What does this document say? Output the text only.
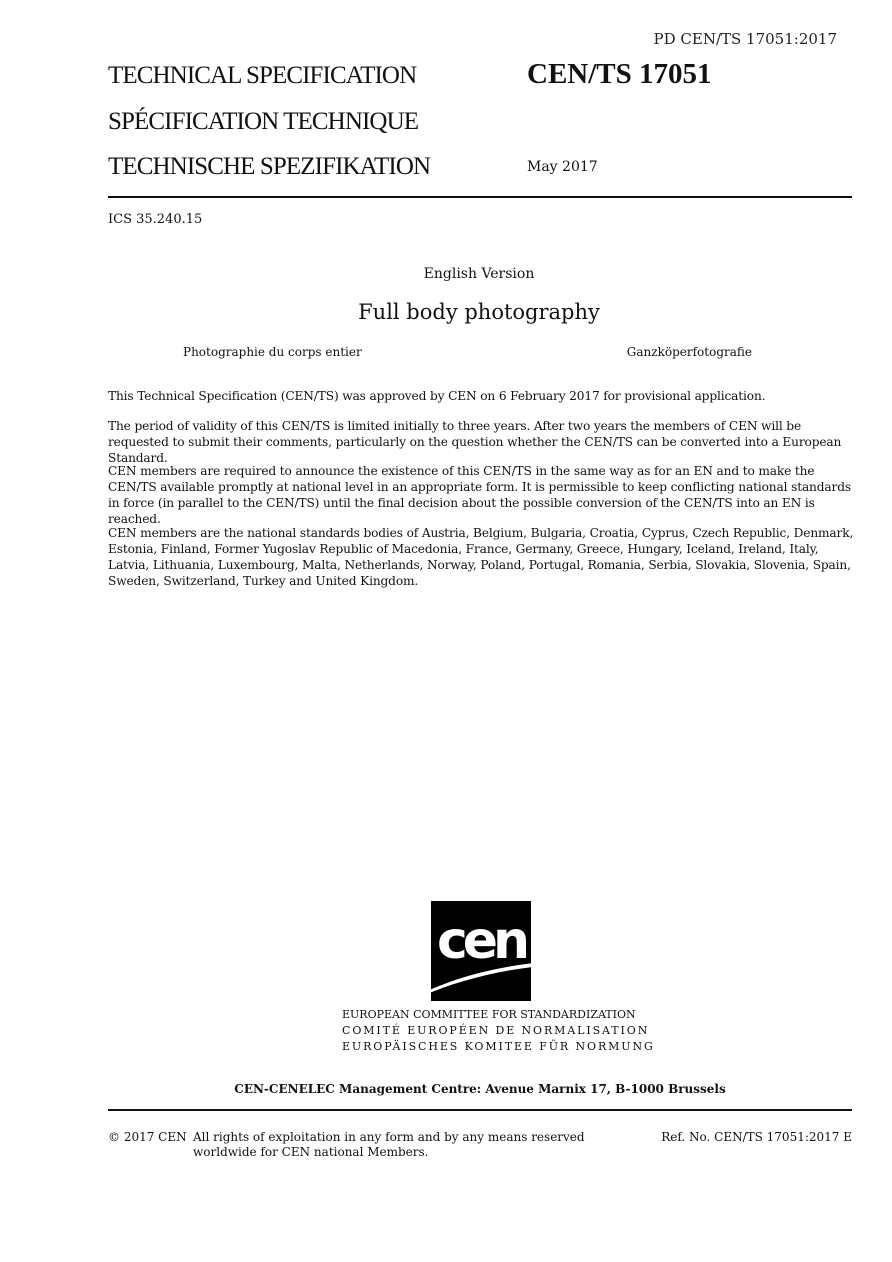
PD CEN/TS 17051:2017
TECHNICAL SPECIFICATION
SPÉCIFICATION TECHNIQUE
TECHNISCHE SPEZIFIKATION
CEN/TS 17051
May 2017
ICS 35.240.15
English Version
Full body photography
Photographie du corps entier	Ganzköperfotografie

This Technical Specification (CEN/TS) was approved by CEN on 6 February 2017 for provisional application.

The period of validity of this CEN/TS is limited initially to three years. After two years the members of CEN will be requested to submit their comments, particularly on the question whether the CEN/TS can be converted into a European Standard.

CEN members are required to announce the existence of this CEN/TS in the same way as for an EN and to make the CEN/TS available promptly at national level in an appropriate form. It is permissible to keep conflicting national standards in force (in parallel to the CEN/TS) until the final decision about the possible conversion of the CEN/TS into an EN is reached.

CEN members are the national standards bodies of Austria, Belgium, Bulgaria, Croatia, Cyprus, Czech Republic, Denmark, Estonia, Finland, Former Yugoslav Republic of Macedonia, France, Germany, Greece, Hungary, Iceland, Ireland, Italy, Latvia, Lithuania, Luxembourg, Malta, Netherlands, Norway, Poland, Portugal, Romania, Serbia, Slovakia, Slovenia, Spain, Sweden, Switzerland, Turkey and United Kingdom.

cen
EUROPEAN COMMITTEE FOR STANDARDIZATION
COMITÉ EUROPÉEN DE NORMALISATION
EUROPÄISCHES KOMITEE FÜR NORMUNG
CEN-CENELEC Management Centre: Avenue Marnix 17, B-1000 Brussels
© 2017 CEN All rights of exploitation in any form and by any means reserved
worldwide for CEN national Members.
Ref. No. CEN/TS 17051:2017 E
